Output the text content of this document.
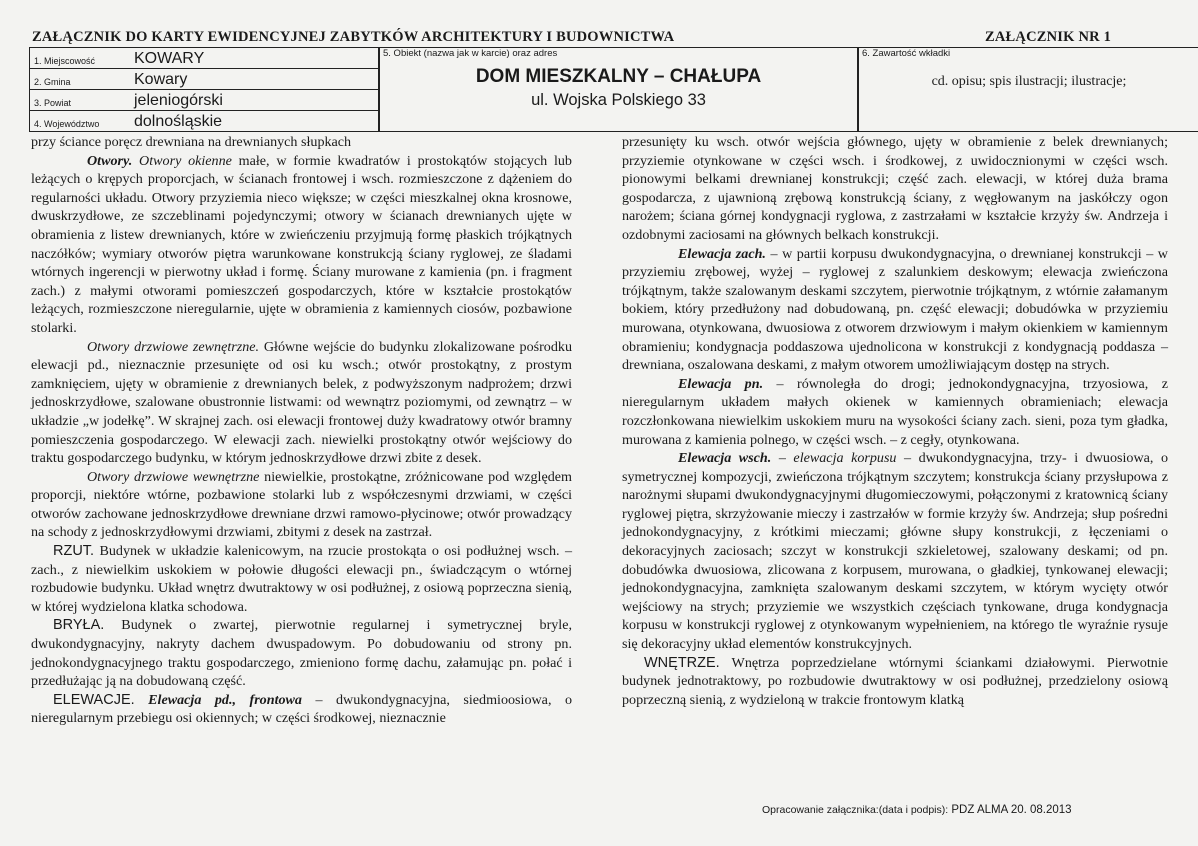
ZAŁĄCZNIK DO KARTY EWIDENCYJNEJ ZABYTKÓW ARCHITEKTURY I BUDOWNICTWA	ZAŁĄCZNIK NR 1
1. Miejscowość KOWARY
2. Gmina	Kowary
3. Powiat	jeleniogórski
4. Województwo dolnośląskie
5. Obiekt (nazwa jak w karcie) oraz adres
DOM MIESZKALNY – CHAŁUPA
ul. Wojska Polskiego 33
6. Zawartość wkładki
cd. opisu; spis ilustracji; ilustracje;

przy ściance poręcz drewniana na drewnianych słupkach

Otwory. Otwory okienne małe, w formie kwadratów i prostokątów stojących lub leżących o krępych proporcjach, w ścianach frontowej i wsch. rozmieszczone z dążeniem do regularności układu. Otwory przyziemia nieco większe; w części mieszkalnej okna krosnowe, dwuskrzydłowe, ze szczeblinami pojedynczymi; otwory w ścianach drewnianych ujęte w obramienia z listew drewnianych, które w zwieńczeniu przyjmują formę płaskich trójkątnych naczółków; wymiary otworów piętra warunkowane konstrukcją ściany ryglowej, ze śladami wtórnych ingerencji w pierwotny układ i formę. Ściany murowane z kamienia (pn. i fragment zach.) z małymi otworami pomieszczeń gospodarczych, które w kształcie prostokątów leżących, rozmieszczone nieregularnie, ujęte w obramienia z kamiennych ciosów, pozbawione stolarki.

Otwory drzwiowe zewnętrzne. Główne wejście do budynku zlokalizowane pośrodku elewacji pd., nieznacznie przesunięte od osi ku wsch.; otwór prostokątny, z prostym zamknięciem, ujęty w obramienie z drewnianych belek, z podwyższonym nadprożem; drzwi jednoskrzydłowe, szalowane obustronnie listwami: od wewnątrz poziomymi, od zewnątrz – w układzie „w jodełkę”. W skrajnej zach. osi elewacji frontowej duży kwadratowy otwór bramny pomieszczenia gospodarczego. W elewacji zach. niewielki prostokątny otwór wejściowy do traktu gospodarczego budynku, w którym jednoskrzydłowe drzwi zbite z desek.

Otwory drzwiowe wewnętrzne niewielkie, prostokątne, zróżnicowane pod względem proporcji, niektóre wtórne, pozbawione stolarki lub z współczesnymi drzwiami, w części otworów zachowane jednoskrzydłowe drewniane drzwi ramowo-płycinowe; otwór prowadzący na schody z jednoskrzydłowymi drzwiami, zbitymi z desek na zastrzał.

RZUT. Budynek w układzie kalenicowym, na rzucie prostokąta o osi podłużnej wsch. – zach., z niewielkim uskokiem w połowie długości elewacji pn., świadczącym o wtórnej rozbudowie budynku. Układ wnętrz dwutraktowy w osi podłużnej, z osiową poprzeczna sienią, w której wydzielona klatka schodowa.

BRYŁA. Budynek o zwartej, pierwotnie regularnej i symetrycznej bryle, dwukondygnacyjny, nakryty dachem dwuspadowym. Po dobudowaniu od strony pn. jednokondygnacyjnego traktu gospodarczego, zmieniono formę dachu, załamując pn. połać i przedłużając ją na dobudowaną część.

ELEWACJE. Elewacja pd., frontowa – dwukondygnacyjna, siedmioosiowa, o nieregularnym przebiegu osi okiennych; w części środkowej, nieznacznie

przesunięty ku wsch. otwór wejścia głównego, ujęty w obramienie z belek drewnianych; przyziemie otynkowane w części wsch. i środkowej, z uwidocznionymi w części wsch. pionowymi belkami drewnianej konstrukcji; część zach. elewacji, w której duża brama gospodarcza, z ujawnioną zrębową konstrukcją ściany, z węgłowanym na jaskółczy ogon narożem; ściana górnej kondygnacji ryglowa, z zastrzałami w kształcie krzyży św. Andrzeja i ozdobnymi zaciosami na głównych belkach konstrukcji.

Elewacja zach. – w partii korpusu dwukondygnacyjna, o drewnianej konstrukcji – w przyziemiu zrębowej, wyżej – ryglowej z szalunkiem deskowym; elewacja zwieńczona trójkątnym, także szalowanym deskami szczytem, pierwotnie trójkątnym, z wtórnie załamanym bokiem, który przedłużony nad dobudowaną, pn. część elewacji; dobudówka w przyziemiu murowana, otynkowana, dwuosiowa z otworem drzwiowym i małym okienkiem w kamiennym obramieniu; kondygnacja poddaszowa ujednolicona w konstrukcji z kondygnacją poddasza – drewniana, oszalowana deskami, z małym otworem umożliwiającym dostęp na strych.

Elewacja pn. – równoległa do drogi; jednokondygnacyjna, trzyosiowa, z nieregularnym układem małych okienek w kamiennych obramieniach; elewacja rozczłonkowana niewielkim uskokiem muru na wysokości ściany zach. sieni, poza tym gładka, murowana z kamienia polnego, w części wsch. – z cegły, otynkowana.

Elewacja wsch. – elewacja korpusu – dwukondygnacyjna, trzy- i dwuosiowa, o symetrycznej kompozycji, zwieńczona trójkątnym szczytem; konstrukcja ściany przysłupowa z narożnymi słupami dwukondygnacyjnymi długomieczowymi, połączonymi z kratownicą ściany ryglowej piętra, skrzyżowanie mieczy i zastrzałów w formie krzyży św. Andrzeja; słup pośredni jednokondygnacyjny, z krótkimi mieczami; główne słupy konstrukcji, z łęczeniami o dekoracyjnych zaciosach; szczyt w konstrukcji szkieletowej, szalowany deskami; od pn. dobudówka dwuosiowa, zlicowana z korpusem, murowana, o gładkiej, tynkowanej elewacji; jednokondygnacyjna, zamknięta szalowanym deskami szczytem, w którym wycięty otwór wejściowy na strych; przyziemie we wszystkich częściach tynkowane, druga kondygnacja korpusu w konstrukcji ryglowej z otynkowanym wypełnieniem, na którego tle wyraźnie rysuje się dekoracyjny układ elementów konstrukcyjnych.

WNĘTRZE. Wnętrza poprzedzielane wtórnymi ściankami działowymi. Pierwotnie budynek jednotraktowy, po rozbudowie dwutraktowy w osi podłużnej, przedzielony osiową poprzeczną sienią, z wydzieloną w trakcie frontowym klatką

Opracowanie załącznika:(data i podpis): PDZ ALMA 20. 08.2013
